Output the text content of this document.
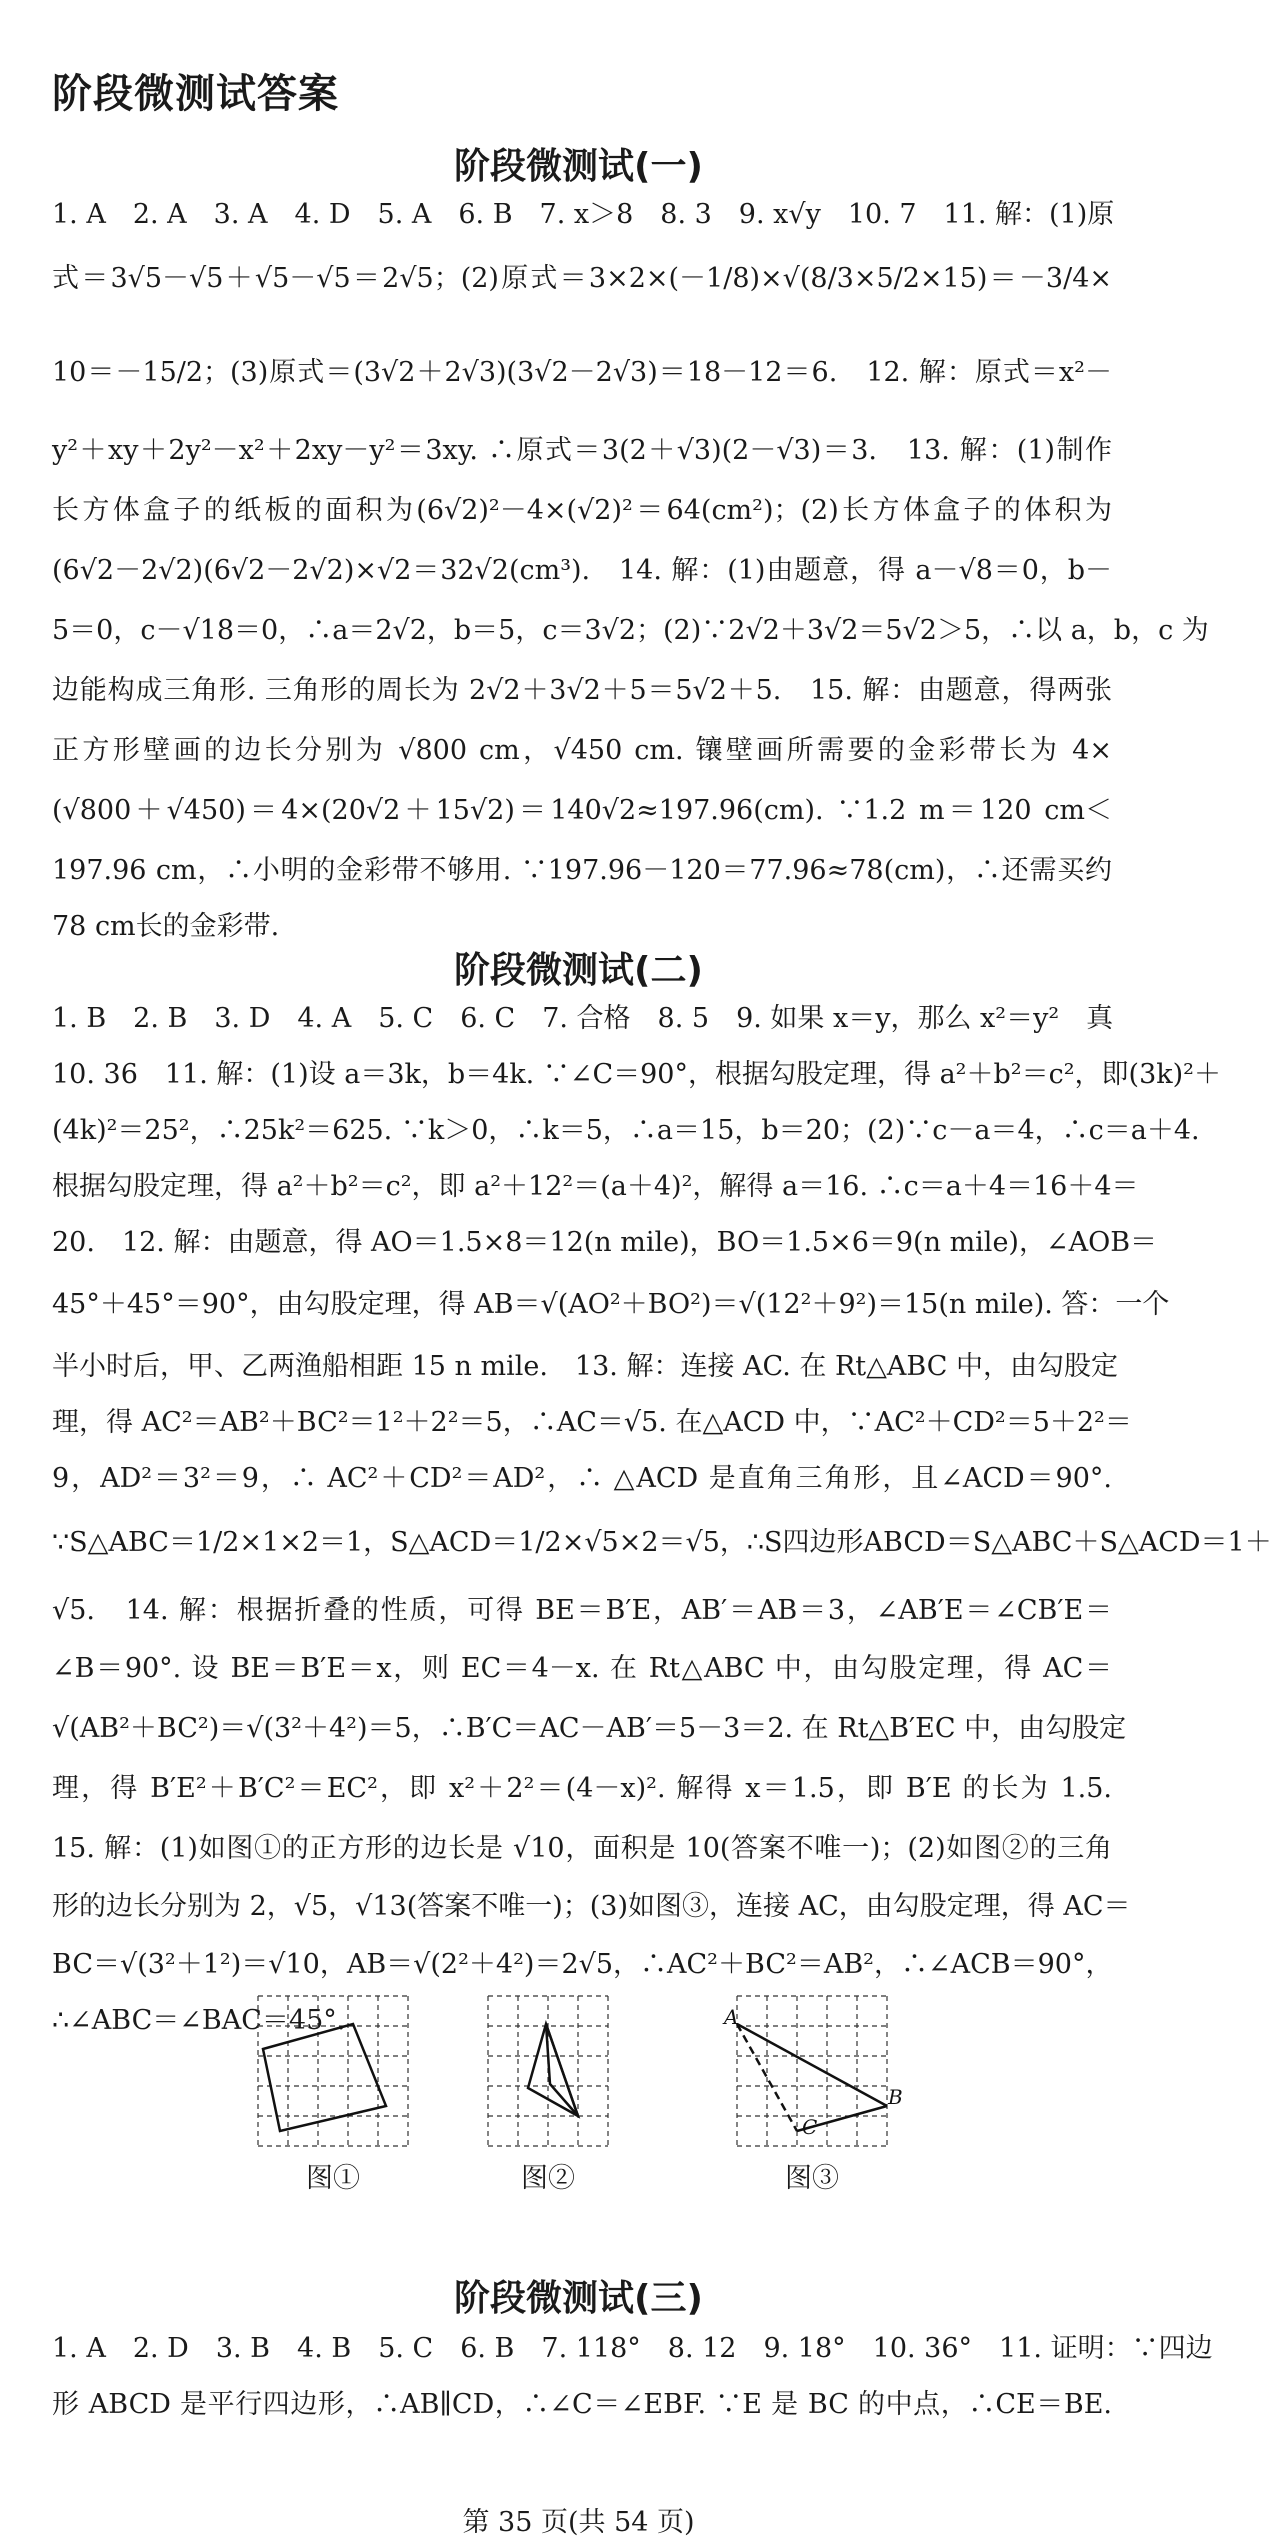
阶段微测试答案
阶段微测试(一)
1. A　2. A　3. A　4. D　5. A　6. B　7. x＞8　8. 3　9. x√y　10. 7　11. 解：(1)原
式＝3√5－√5＋√5－√5＝2√5；(2)原式＝3×2×(－1/8)×√(8/3×5/2×15)＝－3/4×
10＝－15/2；(3)原式＝(3√2＋2√3)(3√2－2√3)＝18－12＝6.　12. 解：原式＝x²－
y²＋xy＋2y²－x²＋2xy－y²＝3xy. ∴原式＝3(2＋√3)(2－√3)＝3.　13. 解：(1)制作
长方体盒子的纸板的面积为(6√2)²－4×(√2)²＝64(cm²)；(2)长方体盒子的体积为
(6√2－2√2)(6√2－2√2)×√2＝32√2(cm³).　14. 解：(1)由题意，得 a－√8＝0，b－
5＝0，c－√18＝0，∴a＝2√2，b＝5，c＝3√2；(2)∵2√2＋3√2＝5√2＞5，∴以 a，b，c 为
边能构成三角形. 三角形的周长为 2√2＋3√2＋5＝5√2＋5.　15. 解：由题意，得两张
正方形壁画的边长分别为 √800 cm，√450 cm. 镶壁画所需要的金彩带长为 4×
(√800＋√450)＝4×(20√2＋15√2)＝140√2≈197.96(cm). ∵1.2 m＝120 cm＜
197.96 cm，∴小明的金彩带不够用. ∵197.96－120＝77.96≈78(cm)，∴还需买约
78 cm长的金彩带.
阶段微测试(二)
1. B　2. B　3. D　4. A　5. C　6. C　7. 合格　8. 5　9. 如果 x＝y，那么 x²＝y²　真
10. 36　11. 解：(1)设 a＝3k，b＝4k. ∵∠C＝90°，根据勾股定理，得 a²＋b²＝c²，即(3k)²＋
(4k)²＝25²，∴25k²＝625. ∵k＞0，∴k＝5，∴a＝15，b＝20；(2)∵c－a＝4，∴c＝a＋4.
根据勾股定理，得 a²＋b²＝c²，即 a²＋12²＝(a＋4)²，解得 a＝16. ∴c＝a＋4＝16＋4＝
20.　12. 解：由题意，得 AO＝1.5×8＝12(n mile)，BO＝1.5×6＝9(n mile)，∠AOB＝
45°＋45°＝90°，由勾股定理，得 AB＝√(AO²＋BO²)＝√(12²＋9²)＝15(n mile). 答：一个
半小时后，甲、乙两渔船相距 15 n mile.　13. 解：连接 AC. 在 Rt△ABC 中，由勾股定
理，得 AC²＝AB²＋BC²＝1²＋2²＝5，∴AC＝√5. 在△ACD 中，∵AC²＋CD²＝5＋2²＝
9，AD²＝3²＝9，∴ AC²＋CD²＝AD²，∴ △ACD 是直角三角形，且∠ACD＝90°.
∵S△ABC＝1/2×1×2＝1，S△ACD＝1/2×√5×2＝√5，∴S四边形ABCD＝S△ABC＋S△ACD＝1＋
√5.　14. 解：根据折叠的性质，可得 BE＝B′E，AB′＝AB＝3，∠AB′E＝∠CB′E＝
∠B＝90°. 设 BE＝B′E＝x，则 EC＝4－x. 在 Rt△ABC 中，由勾股定理，得 AC＝
√(AB²＋BC²)＝√(3²＋4²)＝5，∴B′C＝AC－AB′＝5－3＝2. 在 Rt△B′EC 中，由勾股定
理，得 B′E²＋B′C²＝EC²，即 x²＋2²＝(4－x)². 解得 x＝1.5，即 B′E 的长为 1.5.
15. 解：(1)如图①的正方形的边长是 √10，面积是 10(答案不唯一)；(2)如图②的三角
形的边长分别为 2，√5，√13(答案不唯一)；(3)如图③，连接 AC，由勾股定理，得 AC＝
BC＝√(3²＋1²)＝√10，AB＝√(2²＋4²)＝2√5，∴AC²＋BC²＝AB²，∴∠ACB＝90°，
∴∠ABC＝∠BAC＝45°.
图①	图②
A
B
C
图③
阶段微测试(三)
1. A　2. D　3. B　4. B　5. C　6. B　7. 118°　8. 12　9. 18°　10. 36°　11. 证明：∵四边
形 ABCD 是平行四边形，∴AB∥CD，∴∠C＝∠EBF. ∵E 是 BC 的中点，∴CE＝BE.
第 35 页(共 54 页)
